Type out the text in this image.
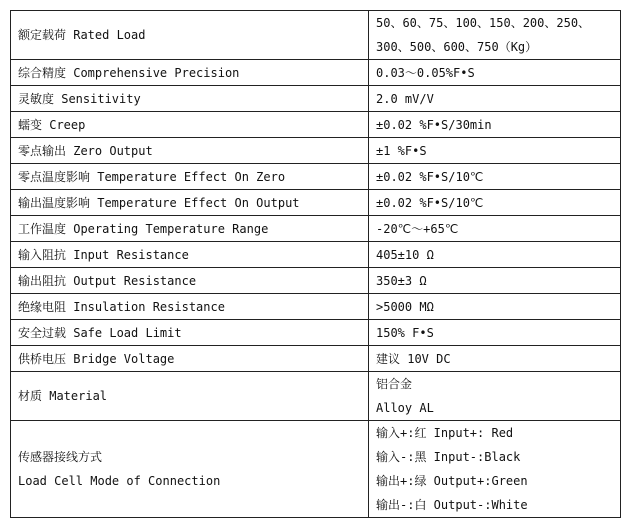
额定载荷 Rated Load	50、60、75、100、150、200、250、
300、500、600、750（Kg）

综合精度 Comprehensive Precision	0.03～0.05%F•S

灵敏度 Sensitivity	2.0 mV/V

蠕变 Creep	±0.02 %F•S/30min

零点输出 Zero Output	±1 %F•S

零点温度影响 Temperature Effect On Zero	±0.02 %F•S/10℃

输出温度影响 Temperature Effect On Output	±0.02 %F•S/10℃

工作温度 Operating Temperature Range	-20℃～+65℃

输入阻抗 Input Resistance	405±10 Ω

输出阻抗 Output Resistance	350±3 Ω

绝缘电阻 Insulation Resistance	>5000 MΩ

安全过载 Safe Load Limit	150% F•S

供桥电压 Bridge Voltage	建议 10V DC

材质 Material	铝合金
Alloy AL

传感器接线方式
Load Cell Mode of Connection	输入+:红 Input+: Red
输入-:黑 Input-:Black
输出+:绿 Output+:Green
输出-:白 Output-:White
